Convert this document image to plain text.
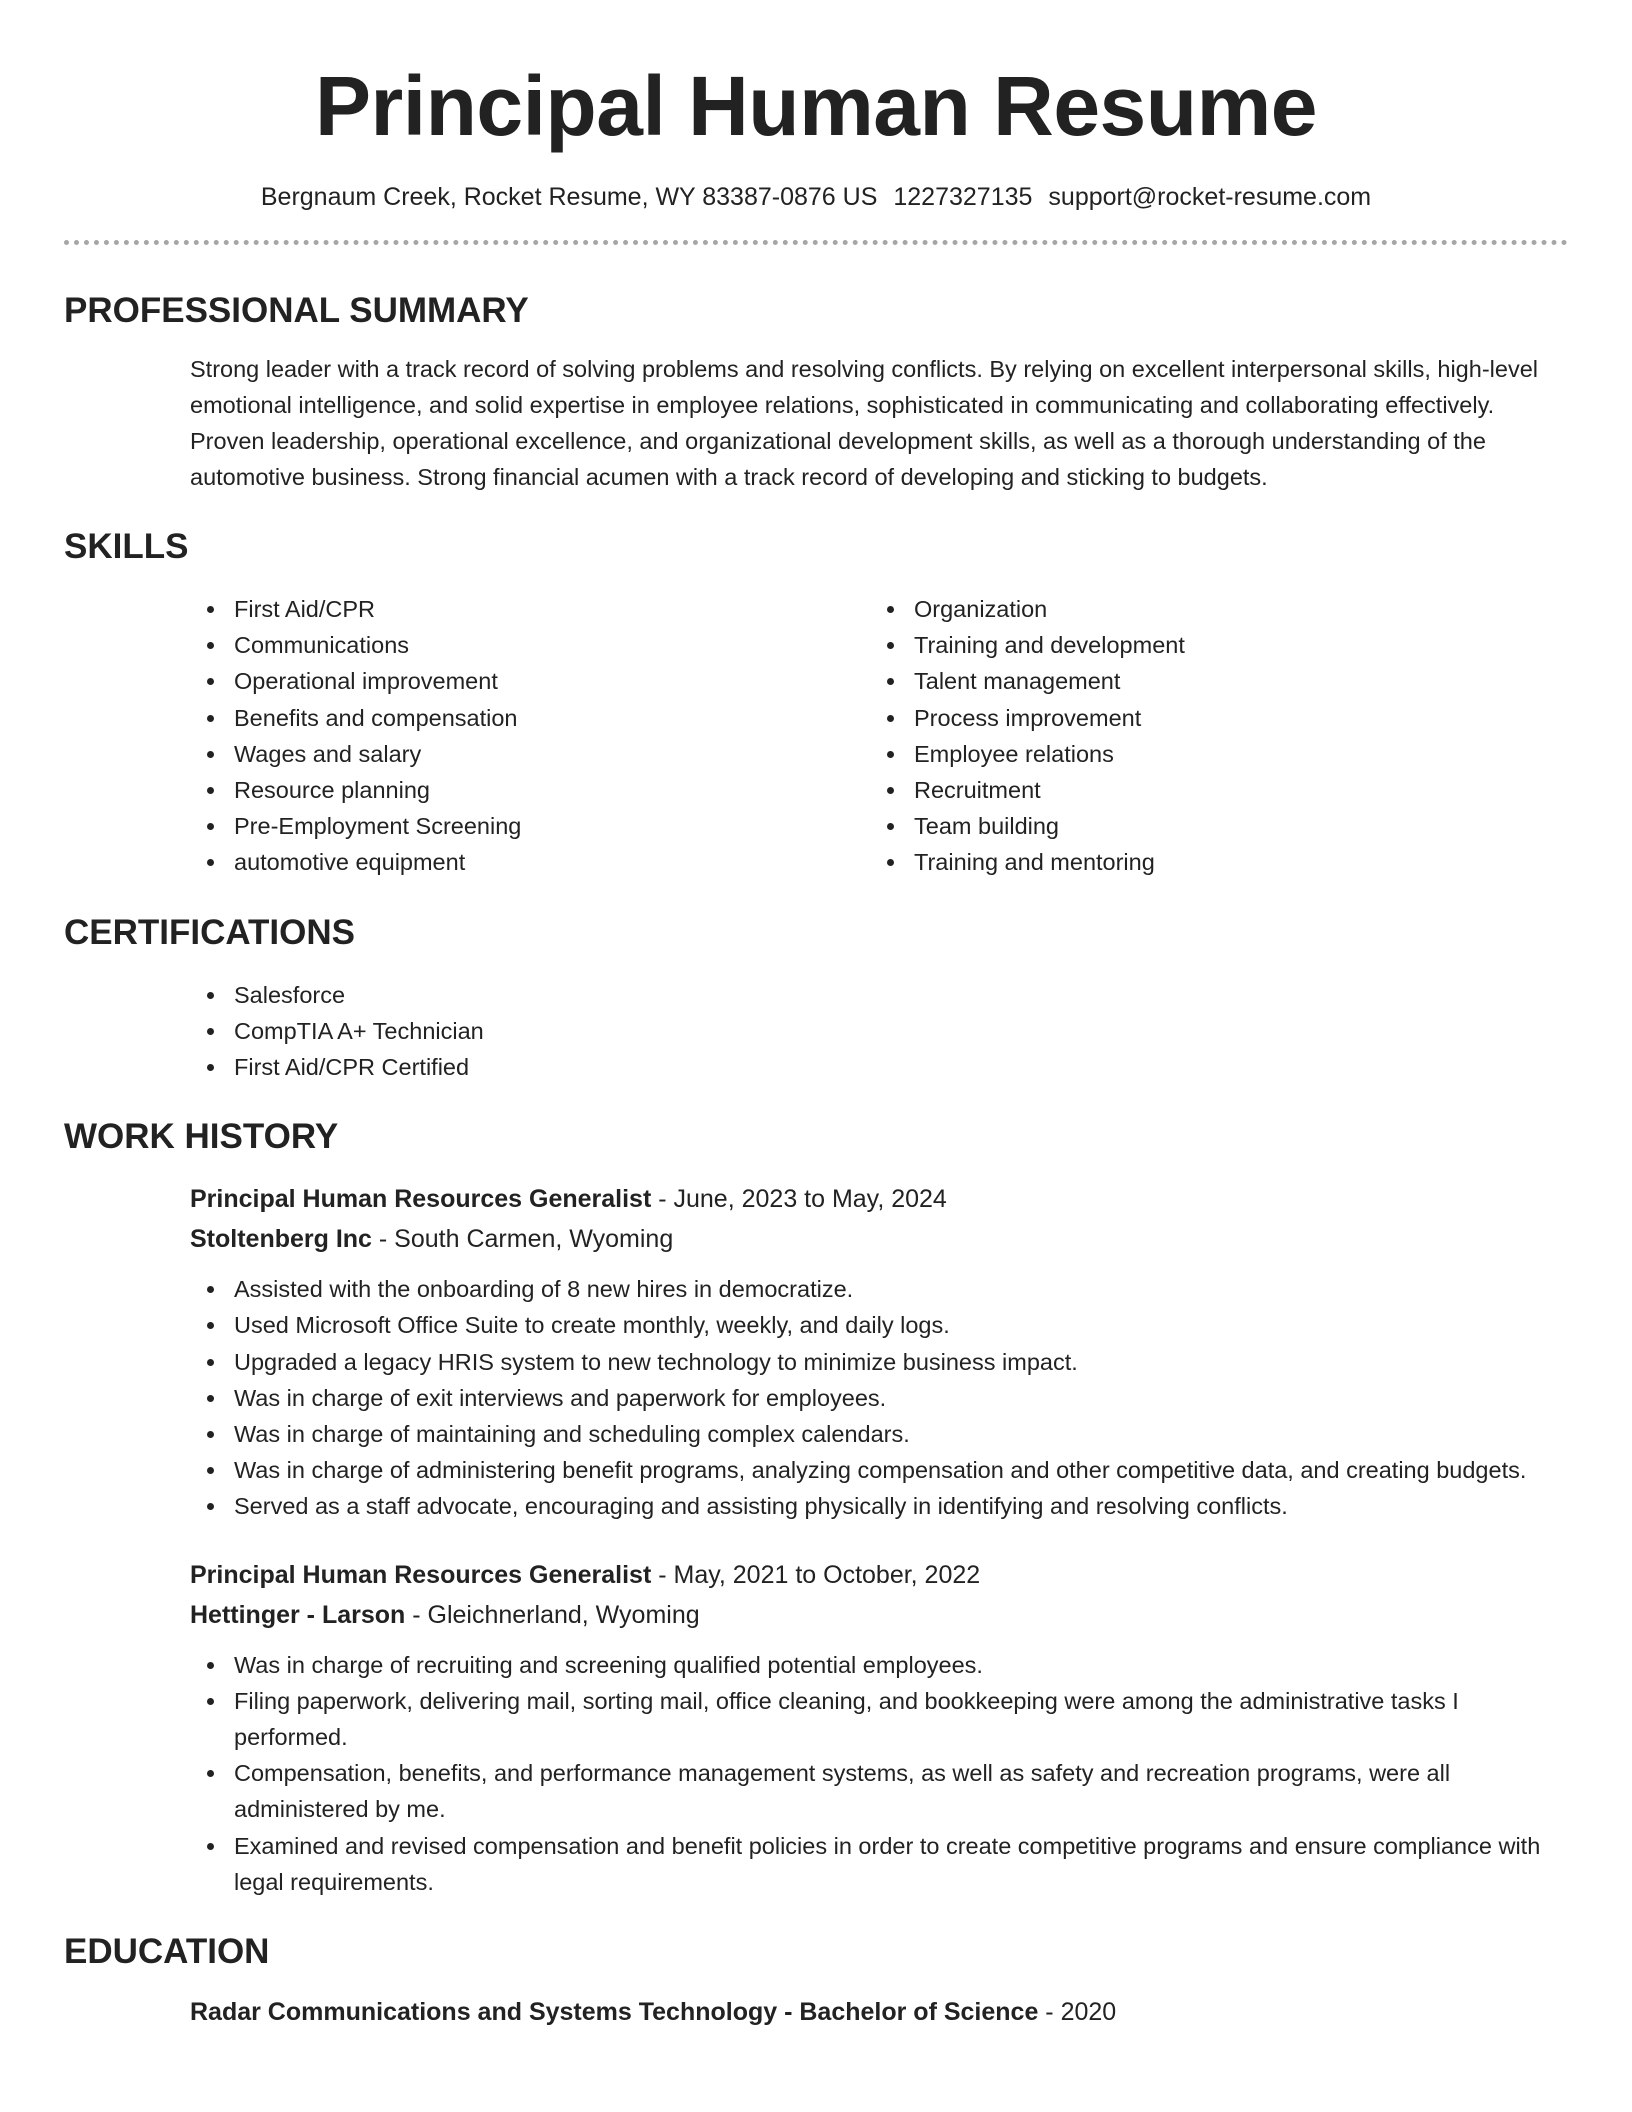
Principal Human Resume
Bergnaum Creek, Rocket Resume, WY 83387-0876 US 1227327135 support@rocket-resume.com
PROFESSIONAL SUMMARY

Strong leader with a track record of solving problems and resolving conflicts. By relying on excellent interpersonal skills, high-level emotional intelligence, and solid expertise in employee relations, sophisticated in communicating and collaborating effectively. Proven leadership, operational excellence, and organizational development skills, as well as a thorough understanding of the automotive business. Strong financial acumen with a track record of developing and sticking to budgets.

SKILLS
First Aid/CPR
Communications
Operational improvement
Benefits and compensation
Wages and salary
Resource planning
Pre-Employment Screening
automotive equipment
Organization
Training and development
Talent management
Process improvement
Employee relations
Recruitment
Team building
Training and mentoring
CERTIFICATIONS
Salesforce
CompTIA A+ Technician
First Aid/CPR Certified
WORK HISTORY
Principal Human Resources Generalist - June, 2023 to May, 2024
Stoltenberg Inc - South Carmen, Wyoming
Assisted with the onboarding of 8 new hires in democratize.
Used Microsoft Office Suite to create monthly, weekly, and daily logs.
Upgraded a legacy HRIS system to new technology to minimize business impact.
Was in charge of exit interviews and paperwork for employees.
Was in charge of maintaining and scheduling complex calendars.
Was in charge of administering benefit programs, analyzing compensation and other competitive data, and creating budgets.
Served as a staff advocate, encouraging and assisting physically in identifying and resolving conflicts.
Principal Human Resources Generalist - May, 2021 to October, 2022
Hettinger - Larson - Gleichnerland, Wyoming
Was in charge of recruiting and screening qualified potential employees.
Filing paperwork, delivering mail, sorting mail, office cleaning, and bookkeeping were among the administrative tasks I performed.
Compensation, benefits, and performance management systems, as well as safety and recreation programs, were all administered by me.
Examined and revised compensation and benefit policies in order to create competitive programs and ensure compliance with legal requirements.
EDUCATION
Radar Communications and Systems Technology - Bachelor of Science - 2020
